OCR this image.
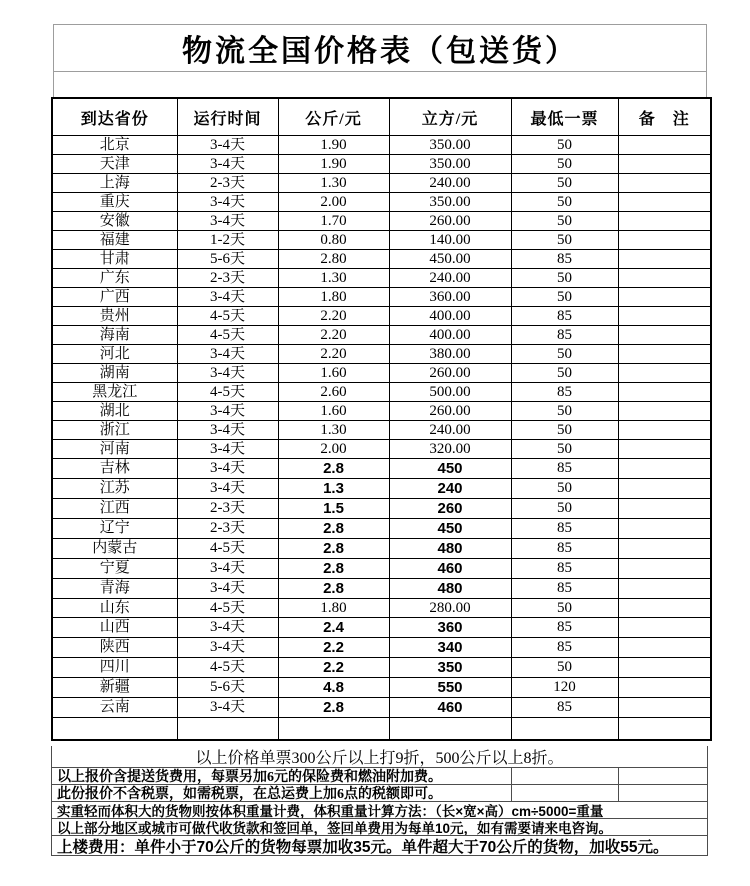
物流全国价格表（包送货）
到达省份	运行时间	公斤/元	立方/元	最低一票	备　注
北京	3-4天	1.90	350.00	50	
天津	3-4天	1.90	350.00	50	
上海	2-3天	1.30	240.00	50	
重庆	3-4天	2.00	350.00	50	
安徽	3-4天	1.70	260.00	50	
福建	1-2天	0.80	140.00	50	
甘肃	5-6天	2.80	450.00	85	
广东	2-3天	1.30	240.00	50	
广西	3-4天	1.80	360.00	50	
贵州	4-5天	2.20	400.00	85	
海南	4-5天	2.20	400.00	85	
河北	3-4天	2.20	380.00	50	
湖南	3-4天	1.60	260.00	50	
黑龙江	4-5天	2.60	500.00	85	
湖北	3-4天	1.60	260.00	50	
浙江	3-4天	1.30	240.00	50	
河南	3-4天	2.00	320.00	50	
吉林	3-4天	2.8	450	85	
江苏	3-4天	1.3	240	50	
江西	2-3天	1.5	260	50	
辽宁	2-3天	2.8	450	85	
内蒙古	4-5天	2.8	480	85	
宁夏	3-4天	2.8	460	85	
青海	3-4天	2.8	480	85	
山东	4-5天	1.80	280.00	50	
山西	3-4天	2.4	360	85	
陕西	3-4天	2.2	340	85	
四川	4-5天	2.2	350	50	
新疆	5-6天	4.8	550	120	
云南	3-4天	2.8	460	85	

以上价格单票300公斤以上打9折，500公斤以上8折。
以上报价含提送货费用，每票另加6元的保险费和燃油附加费。
此份报价不含税票，如需税票，在总运费上加6点的税额即可。
实重轻而体积大的货物则按体积重量计费，体积重量计算方法：（长×宽×高）cm÷5000=重量
以上部分地区或城市可做代收货款和签回单，签回单费用为每单10元，如有需要请来电咨询。
上楼费用：单件小于70公斤的货物每票加收35元。单件超大于70公斤的货物，加收55元。
